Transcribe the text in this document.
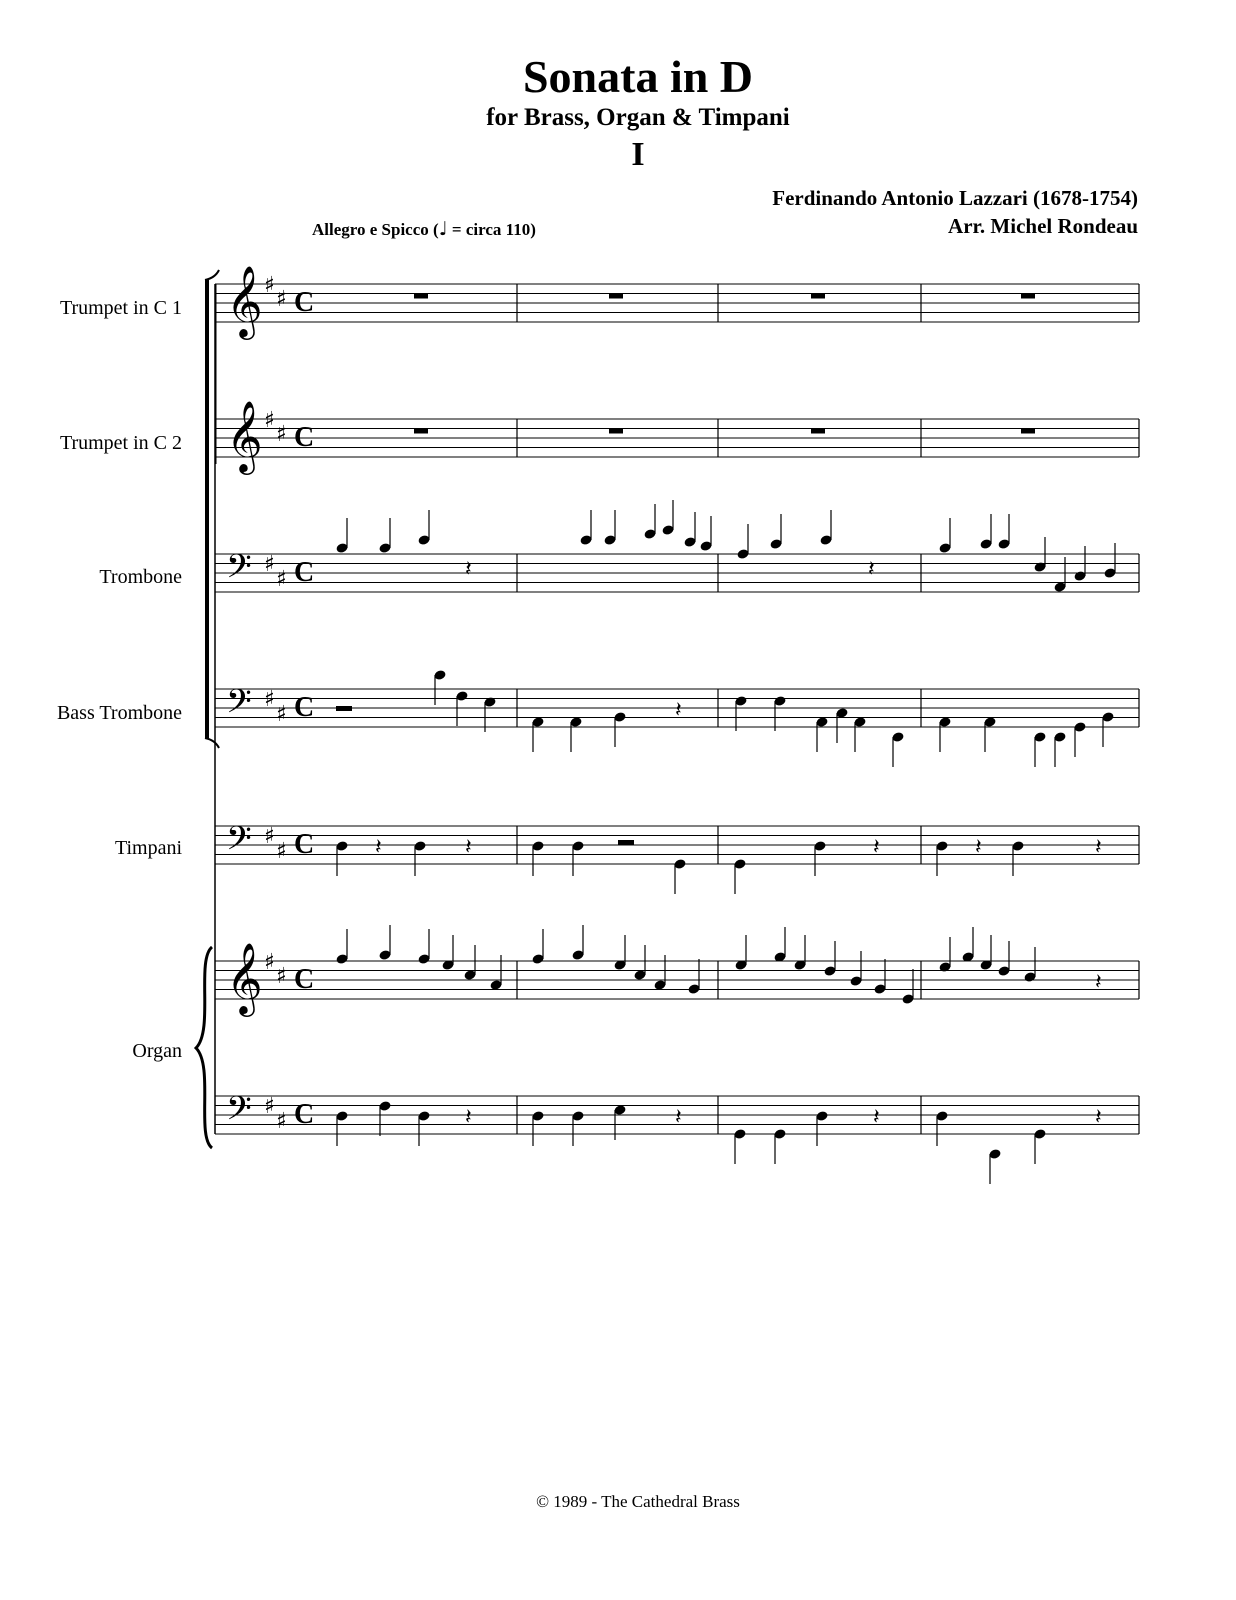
Sonata in D
for Brass, Organ & Timpani
I
Ferdinando Antonio Lazzari (1678-1754)
Arr. Michel Rondeau
Allegro e Spicco (♩ = circa 110)
Trumpet in C 1
Trumpet in C 2
Trombone
Bass Trombone
Timpani
Organ
𝄞 ♯
♯ C
𝄞 ♯
♯ C
𝄢 ♯
♯ C
𝄢 ♯
♯ C
𝄢 ♯
♯ C
𝄞 ♯
♯ C
𝄢 ♯
♯ C
𝄽	𝄽
𝄽
𝄽	𝄽	𝄽	𝄽	𝄽
𝄽
𝄽	𝄽	𝄽	𝄽
© 1989 - The Cathedral Brass
